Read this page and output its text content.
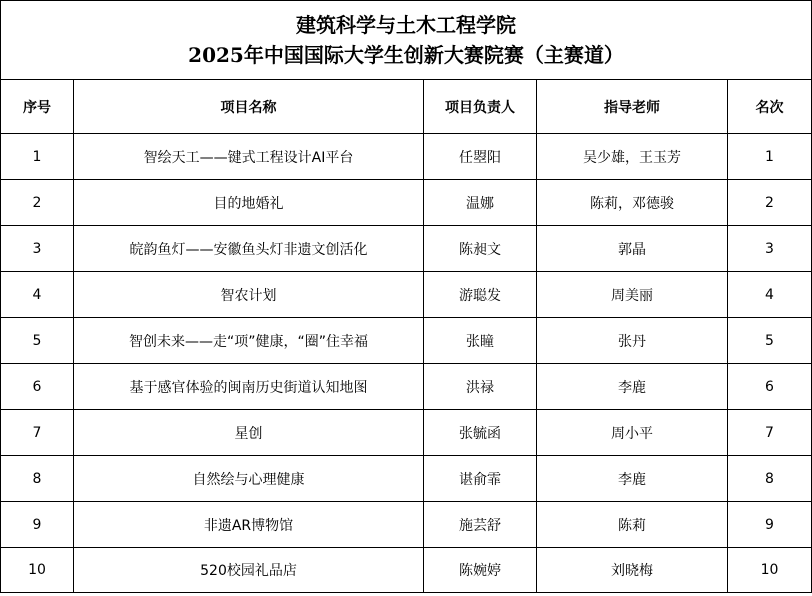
建筑科学与土木工程学院
2025年中国国际大学生创新大赛院赛（主赛道）				

序号	项目名称	项目负责人	指导老师	名次
1	智绘天工——键式工程设计AI平台	任曌阳	吴少雄，王玉芳	1
2	目的地婚礼	温娜	陈莉，邓德骏	2
3	皖韵鱼灯——安徽鱼头灯非遗文创活化	陈昶文	郭晶	3
4	智农计划	游聪发	周美丽	4
5	智创未来——走“项”健康，“圈”住幸福	张瞳	张丹	5
6	基于感官体验的闽南历史街道认知地图	洪禄	李鹿	6
7	星创	张毓函	周小平	7
8	自然绘与心理健康	谌俞霏	李鹿	8
9	非遗AR博物馆	施芸舒	陈莉	9
10	520校园礼品店	陈婉婷	刘晓梅	10
